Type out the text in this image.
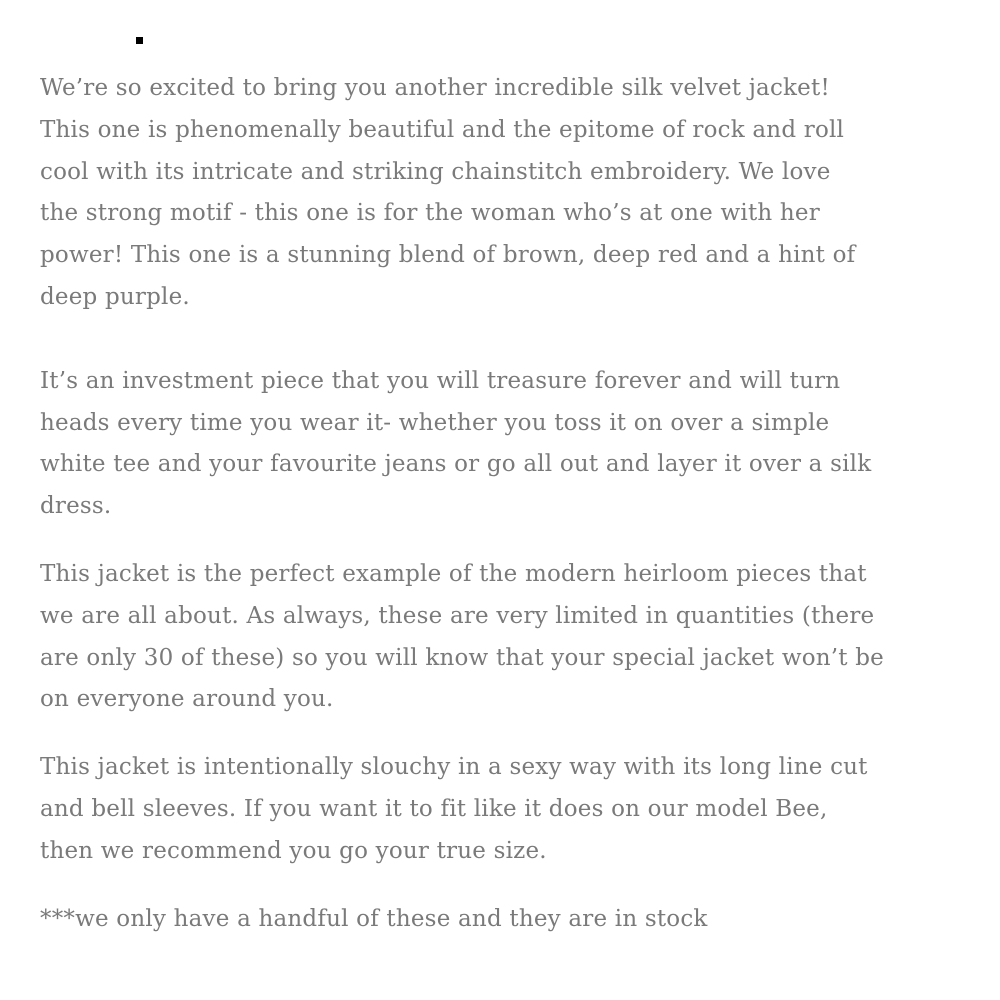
We’re so excited to bring you another incredible silk velvet jacket!
This one is phenomenally beautiful and the epitome of rock and roll
cool with its intricate and striking chainstitch embroidery. We love
the strong motif - this one is for the woman who’s at one with her
power! This one is a stunning blend of brown, deep red and a hint of
deep purple.
It’s an investment piece that you will treasure forever and will turn
heads every time you wear it- whether you toss it on over a simple
white tee and your favourite jeans or go all out and layer it over a silk
dress.
This jacket is the perfect example of the modern heirloom pieces that
we are all about. As always, these are very limited in quantities (there
are only 30 of these) so you will know that your special jacket won’t be
on everyone around you.
This jacket is intentionally slouchy in a sexy way with its long line cut
and bell sleeves. If you want it to fit like it does on our model Bee,
then we recommend you go your true size.
***we only have a handful of these and they are in stock
